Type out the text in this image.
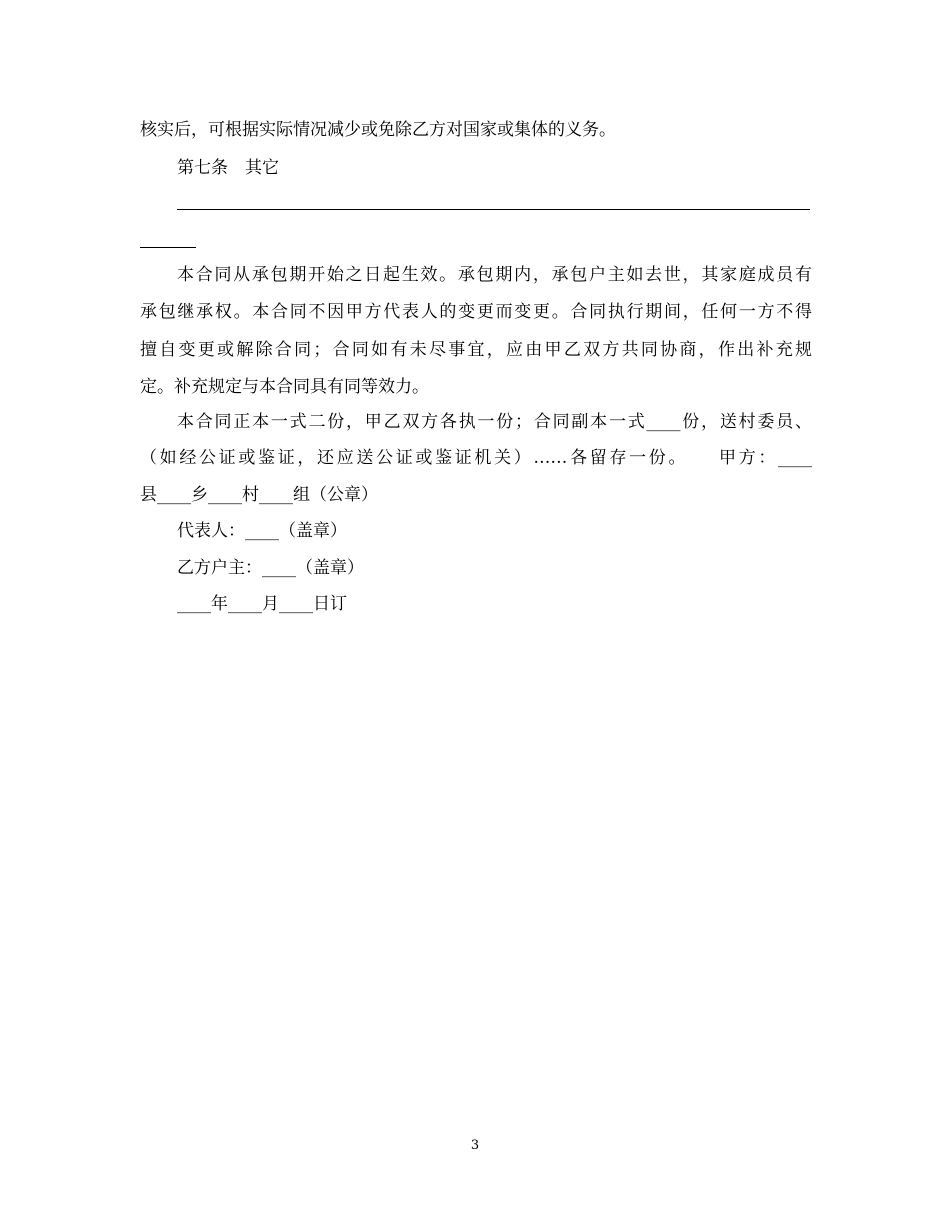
核实后，可根据实际情况减少或免除乙方对国家或集体的义务。
第七条　其它
本合同从承包期开始之日起生效。承包期内，承包户主如去世，其家庭成员有
承包继承权。本合同不因甲方代表人的变更而变更。合同执行期间，任何一方不得
擅自变更或解除合同；合同如有未尽事宜，应由甲乙双方共同协商，作出补充规
定。补充规定与本合同具有同等效力。
本合同正本一式二份，甲乙双方各执一份；合同副本一式____份，送村委员、
（如经公证或鉴证，还应送公证或鉴证机关）……各留存一份。　　甲方：____
县____乡____村____组（公章）
代表人：____（盖章）
乙方户主：____（盖章）
____年____月____日订
3
